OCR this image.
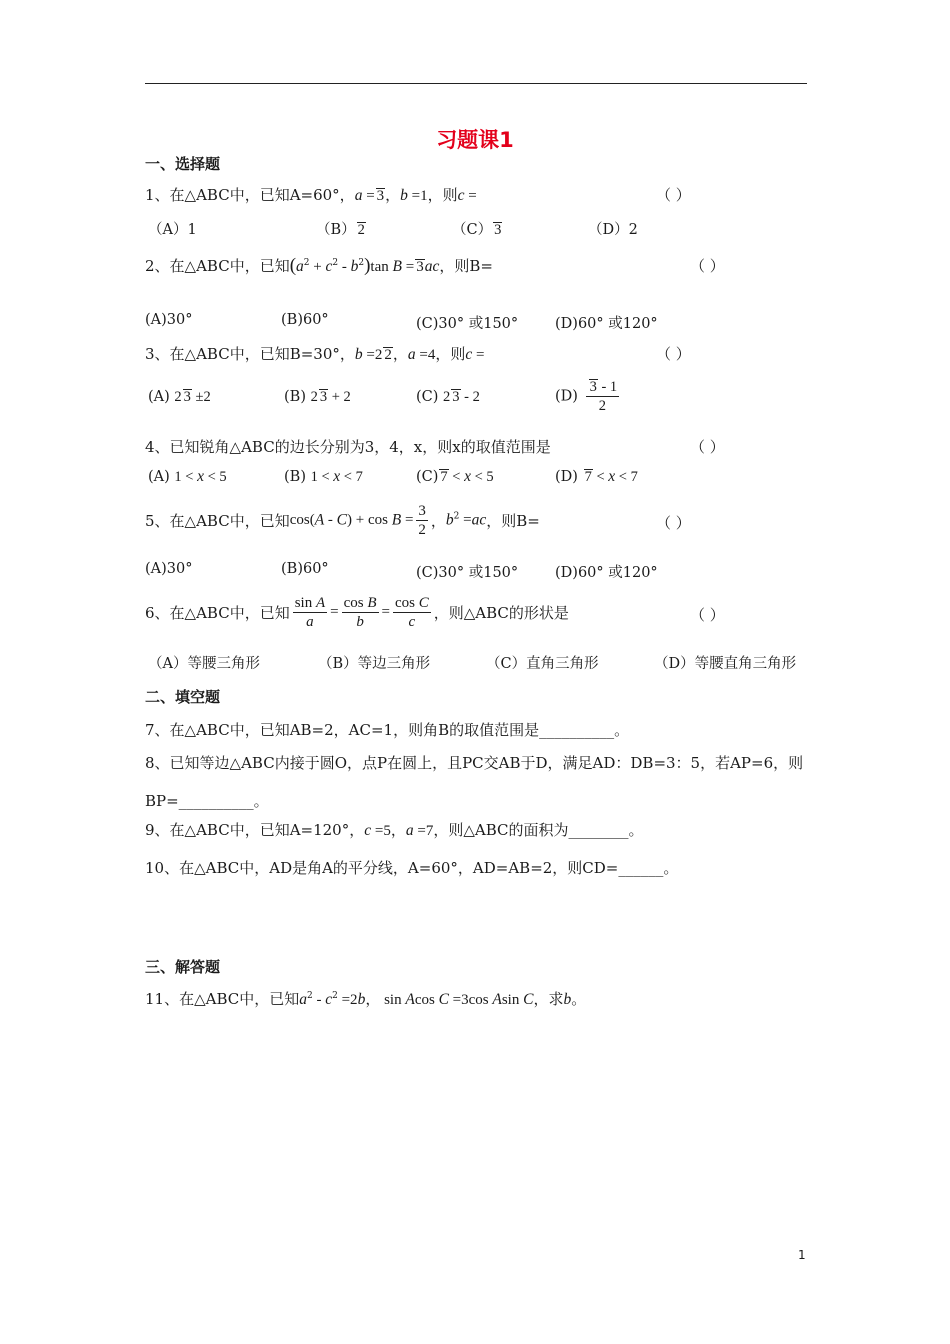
习题课1
一、选择题
1、在△ABC中，已知A=60°，a = 3，b =1，则c =	（ ）
（A）1	（B） 2	（C） 3	（D）2
2、在△ABC中，已知$(a^2 + c^2 - b^2)\tan$ B = 3ac，则B=	（ ）
(A)30°	(B)60°	(C)30° 或150°	(D)60° 或120°
3、在△ABC中，已知B=30°，b =2 2，a =4，则c =	（ ）
(A) 2 3 ±2	(B) 2 3 + 2	(C) 2 3 - 2	$(D) \frac{3 - 1}{2}$
4、已知锐角△ABC的边长分别为3，4，x，则x的取值范围是	（ ）
(A) 1 < x < 5	(B) 1 < x < 7	(C) 7 < x < 5	(D) 7 < x < 7
5、在△ABC中，已知$\cos(A - C) + \cos B = \frac{3}{2}$ ，$b^2 =ac$，则B=	（ ）
(A)30°	(B)60°	(C)30° 或150°	(D)60° 或120°
6、在△ABC中，已知 $\frac{\text{sin A}}{a} = \frac{\text{cos B}}{b} = \frac{\text{cos C}}{c}$ ，则△ABC的形状是	（ ）
（A）等腰三角形	（B）等边三角形	（C）直角三角形	（D）等腰直角三角形
二、填空题
7、在△ABC中，已知AB=2，AC=1，则角B的取值范围是__________。
8、已知等边△ABC内接于圆O，点P在圆上，且PC交AB于D，满足AD：DB=3：5，若AP=6，则
BP=__________。
9、在△ABC中，已知A=120°，c =5，a =7，则△ABC的面积为________。
10、在△ABC中，AD是角A的平分线，A=60°，AD=AB=2，则CD=______。
三、解答题
11、在△ABC中，已知$a^2 - c^2 =2b$， sin Acos C =3cos Asin C，求b。
1
